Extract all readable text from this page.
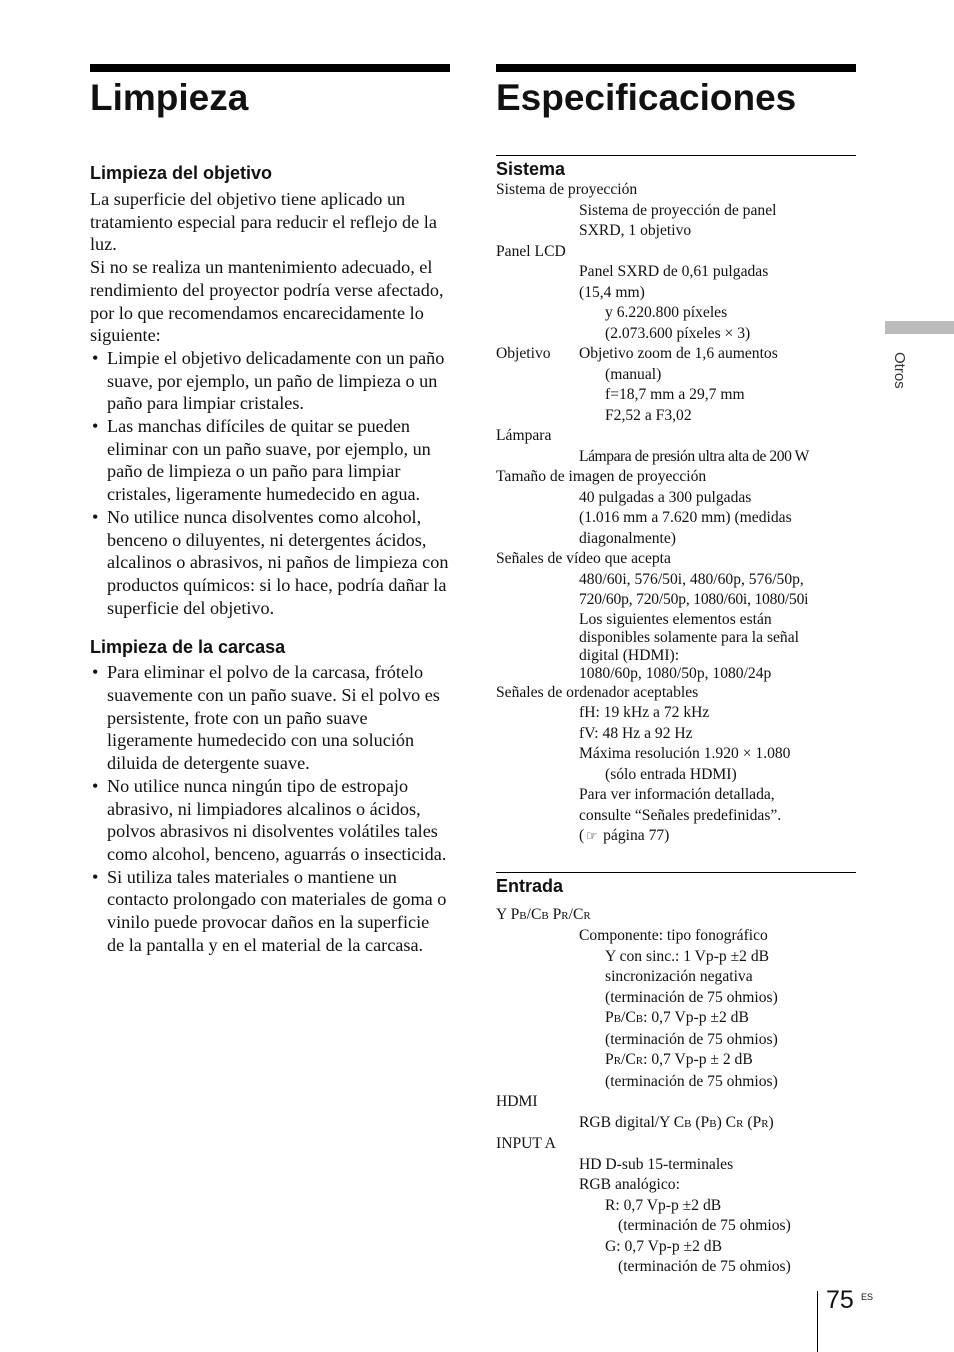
Limpieza
Limpieza del objetivo

La superficie del objetivo tiene aplicado un tratamiento especial para reducir el reflejo de la luz.

Si no se realiza un mantenimiento adecuado, el rendimiento del proyector podría verse afectado, por lo que recomendamos encarecidamente lo siguiente:

• Limpie el objetivo delicadamente con un paño suave, por ejemplo, un paño de limpieza o un paño para limpiar cristales.
• Las manchas difíciles de quitar se pueden eliminar con un paño suave, por ejemplo, un paño de limpieza o un paño para limpiar cristales, ligeramente humedecido en agua.
• No utilice nunca disolventes como alcohol, benceno o diluyentes, ni detergentes ácidos, alcalinos o abrasivos, ni paños de limpieza con productos químicos: si lo hace, podría dañar la superficie del objetivo.
Limpieza de la carcasa
• Para eliminar el polvo de la carcasa, frótelo suavemente con un paño suave. Si el polvo es persistente, frote con un paño suave ligeramente humedecido con una solución diluida de detergente suave.
• No utilice nunca ningún tipo de estropajo abrasivo, ni limpiadores alcalinos o ácidos, polvos abrasivos ni disolventes volátiles tales como alcohol, benceno, aguarrás o insecticida.
• Si utiliza tales materiales o mantiene un contacto prolongado con materiales de goma o vinilo puede provocar daños en la superficie de la pantalla y en el material de la carcasa.
Especificaciones
Sistema
Sistema de proyección
Sistema de proyección de panel
SXRD, 1 objetivo
Panel LCD
Panel SXRD de 0,61 pulgadas
(15,4 mm)
y 6.220.800 píxeles
(2.073.600 píxeles × 3)
Objetivo Objetivo zoom de 1,6 aumentos
(manual)
f=18,7 mm a 29,7 mm
F2,52 a F3,02
Lámpara
Lámpara de presión ultra alta de 200 W
Tamaño de imagen de proyección
40 pulgadas a 300 pulgadas
(1.016 mm a 7.620 mm) (medidas
diagonalmente)
Señales de vídeo que acepta
480/60i, 576/50i, 480/60p, 576/50p,
720/60p, 720/50p, 1080/60i, 1080/50i
Los siguientes elementos están
disponibles solamente para la señal
digital (HDMI):
1080/60p, 1080/50p, 1080/24p
Señales de ordenador aceptables
fH: 19 kHz a 72 kHz
fV: 48 Hz a 92 Hz
Máxima resolución 1.920 × 1.080
(sólo entrada HDMI)
Para ver información detallada,
consulte “Señales predefinidas”.
( ☞ página 77)
Entrada
Y PB/CB PR/CR
Componente: tipo fonográfico
Y con sinc.: 1 Vp-p ±2 dB
sincronización negativa
(terminación de 75 ohmios)
PB/CB: 0,7 Vp-p ±2 dB
(terminación de 75 ohmios)
PR/CR: 0,7 Vp-p ± 2 dB
(terminación de 75 ohmios)
HDMI
RGB digital/Y CB (PB) CR (PR)
INPUT A
HD D-sub 15-terminales
RGB analógico:
R: 0,7 Vp-p ±2 dB
(terminación de 75 ohmios)
G: 0,7 Vp-p ±2 dB
(terminación de 75 ohmios)
Otros
75 ES
